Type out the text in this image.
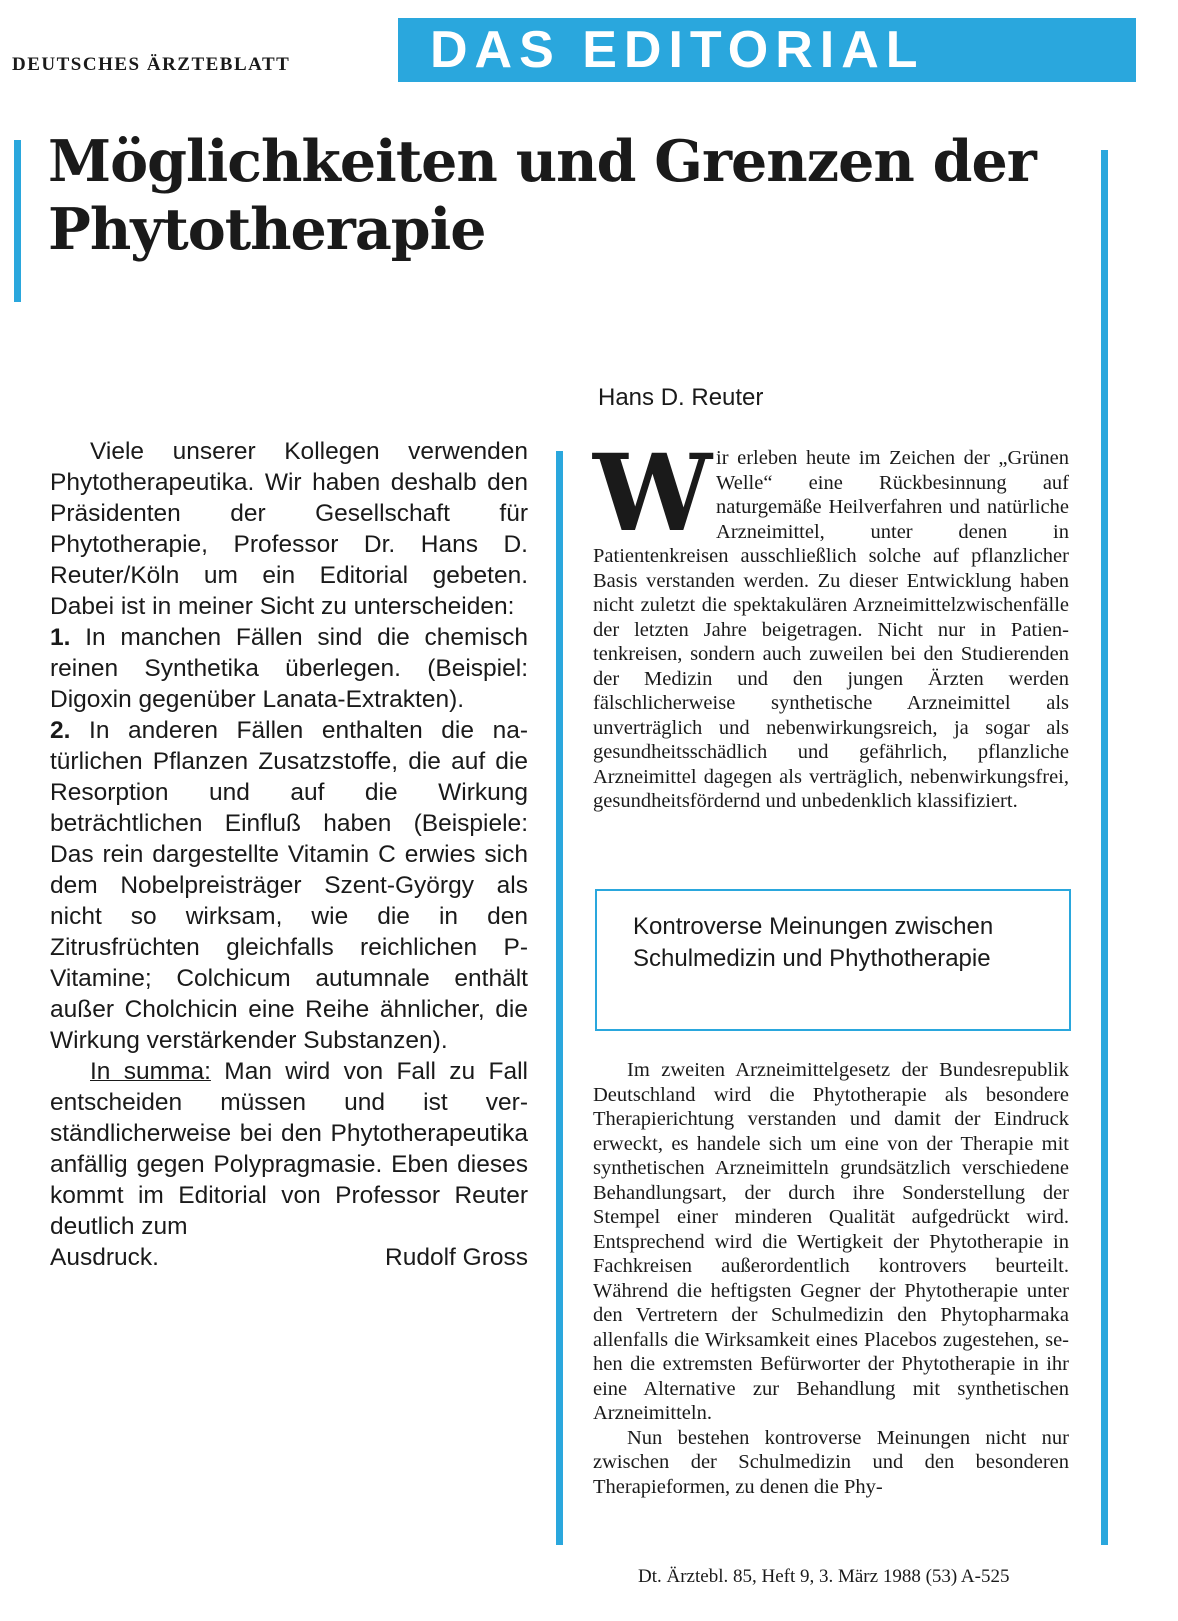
DEUTSCHES ÄRZTEBLATT	DAS EDITORIAL
Möglichkeiten und Grenzen der Phytotherapie
Hans D. Reuter

Viele unserer Kollegen verwenden Phytotherapeutika. Wir haben deshalb den Präsidenten der Gesellschaft für Phytotherapie, Professor Dr. Hans D. Reuter/Köln um ein Editorial gebeten. Dabei ist in meiner Sicht zu unterscheiden:

1. In manchen Fällen sind die chemisch reinen Synthetika überlegen. (Beispiel: Digoxin gegenüber Lanata-Extrakten).

2. In anderen Fällen enthalten die natürlichen Pflanzen Zusatzstoffe, die auf die Resorption und auf die Wirkung beträchtlichen Einfluß haben (Beispiele: Das rein dargestellte Vitamin C erwies sich dem Nobelpreisträger Szent-György als nicht so wirksam, wie die in den Zitrusfrüchten gleichfalls reichlichen P-Vitamine; Colchicum autumnale enthält außer Cholchicin eine Reihe ähnlicher, die Wirkung verstärkender Substanzen).

In summa: Man wird von Fall zu Fall entscheiden müssen und ist verständlicherweise bei den Phytotherapeutika anfällig gegen Polypragmasie. Eben dieses kommt im Editorial von Professor Reuter deutlich zum

Ausdruck.	Rudolf Gross

W ir erleben heute im Zeichen der „Grünen Welle“ eine Rückbesinnung auf naturgemäße Heilverfahren und natürliche Arzneimittel, unter denen in Patientenkreisen ausschließlich solche auf pflanzlicher Basis verstanden werden. Zu dieser Entwicklung haben nicht zuletzt die spektakulären Arzneimittelzwischenfälle der letzten Jahre beigetragen. Nicht nur in Patientenkreisen, sondern auch zuweilen bei den Studierenden der Medizin und den jungen Ärzten werden fälschlicherweise synthetische Arzneimittel als unverträglich und nebenwirkungsreich, ja sogar als gesundheitsschädlich und gefährlich, pflanzliche Arzneimittel dagegen als verträglich, nebenwirkungsfrei, gesundheitsfördernd und unbedenklich klassifiziert.

Kontroverse Meinungen zwischen Schulmedizin und Phythotherapie

Im zweiten Arzneimittelgesetz der Bundesrepublik Deutschland wird die Phytotherapie als besondere Therapierichtung verstanden und damit der Eindruck erweckt, es handele sich um eine von der Therapie mit synthetischen Arzneimitteln grundsätzlich verschiedene Behandlungsart, der durch ihre Sonderstellung der Stempel einer minderen Qualität aufgedrückt wird. Entsprechend wird die Wertigkeit der Phytotherapie in Fachkreisen außerordentlich kontrovers beurteilt. Während die heftigsten Gegner der Phytotherapie unter den Vertretern der Schulmedizin den Phytopharmaka allenfalls die Wirksamkeit eines Placebos zugestehen, sehen die extremsten Befürworter der Phytotherapie in ihr eine Alternative zur Behandlung mit synthetischen Arzneimitteln.

Nun bestehen kontroverse Meinungen nicht nur zwischen der Schulmedizin und den besonderen Therapieformen, zu denen die Phy-

Dt. Ärztebl. 85, Heft 9, 3. März 1988 (53) A-525
